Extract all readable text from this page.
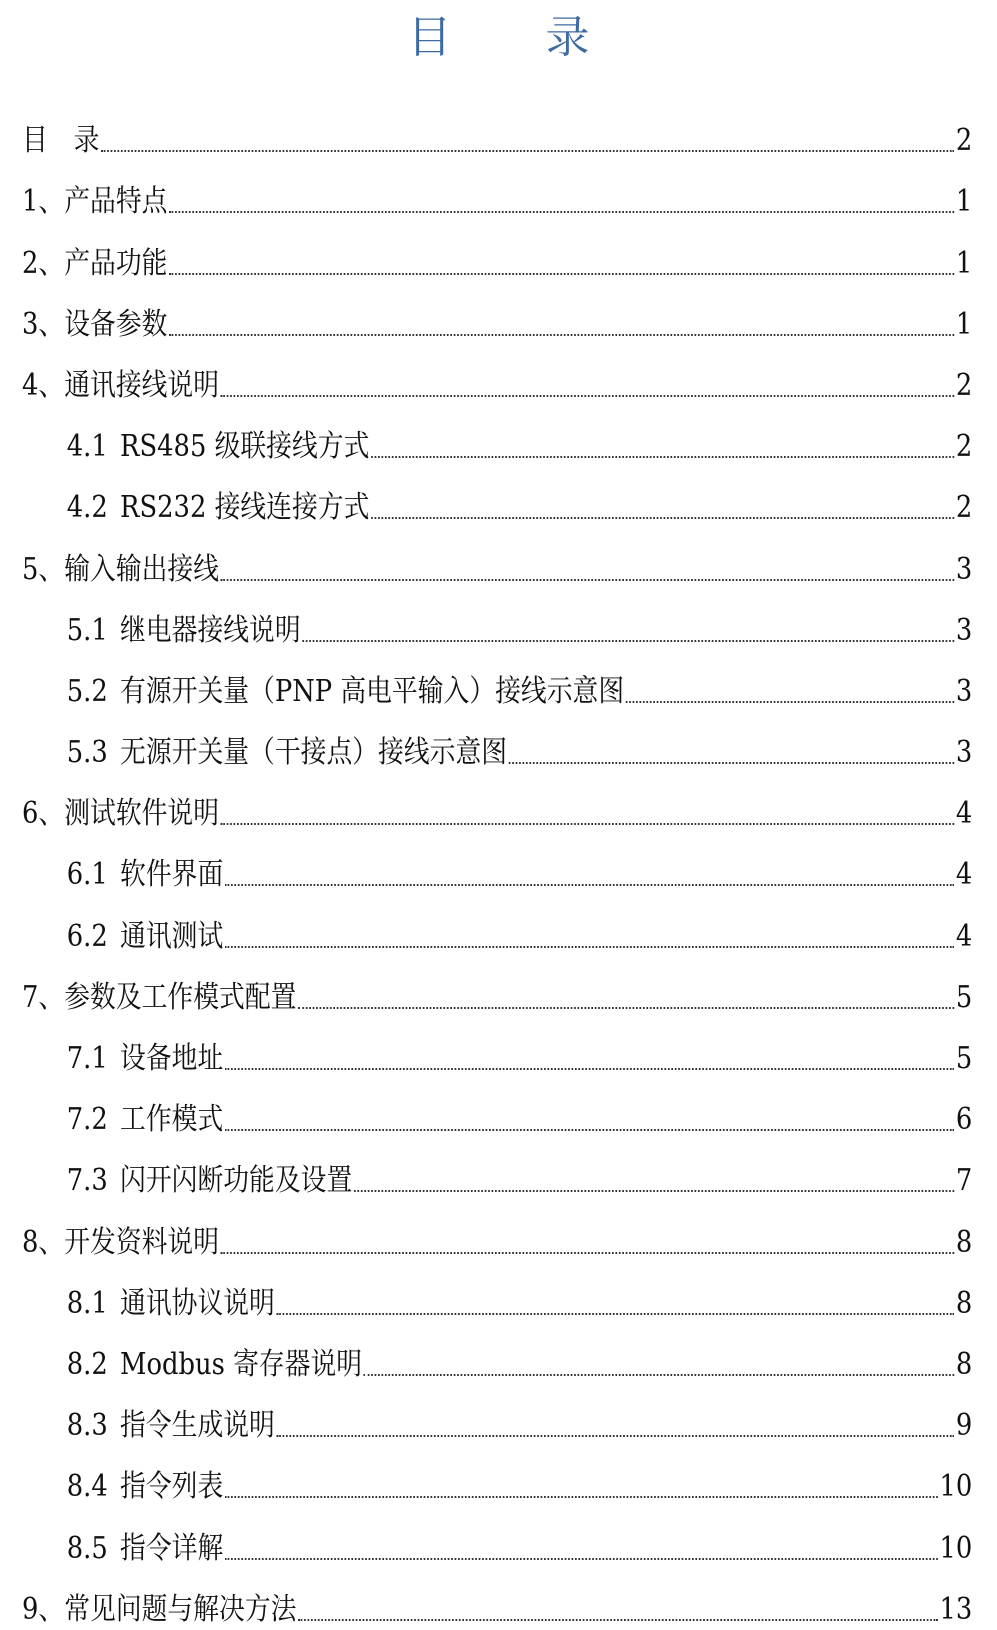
目 录
目　 录	2
1、 产品特点	1
2、 产品功能	1
3、 设备参数	1
4、 通讯接线说明	2
4.1 RS485 级联接线方式	2
4.2 RS232 接线连接方式	2
5、 输入输出接线	3
5.1 继电器接线说明	3
5.2 有源开关量（PNP 高电平输入）接线示意图	3
5.3 无源开关量（干接点）接线示意图	3
6、 测试软件说明	4
6.1 软件界面	4
6.2 通讯测试	4
7、 参数及工作模式配置	5
7.1 设备地址	5
7.2 工作模式	6
7.3 闪开闪断功能及设置	7
8、 开发资料说明	8
8.1 通讯协议说明	8
8.2 Modbus 寄存器说明	8
8.3 指令生成说明	9
8.4 指令列表	10
8.5 指令详解	10
9、 常见问题与解决方法	13
